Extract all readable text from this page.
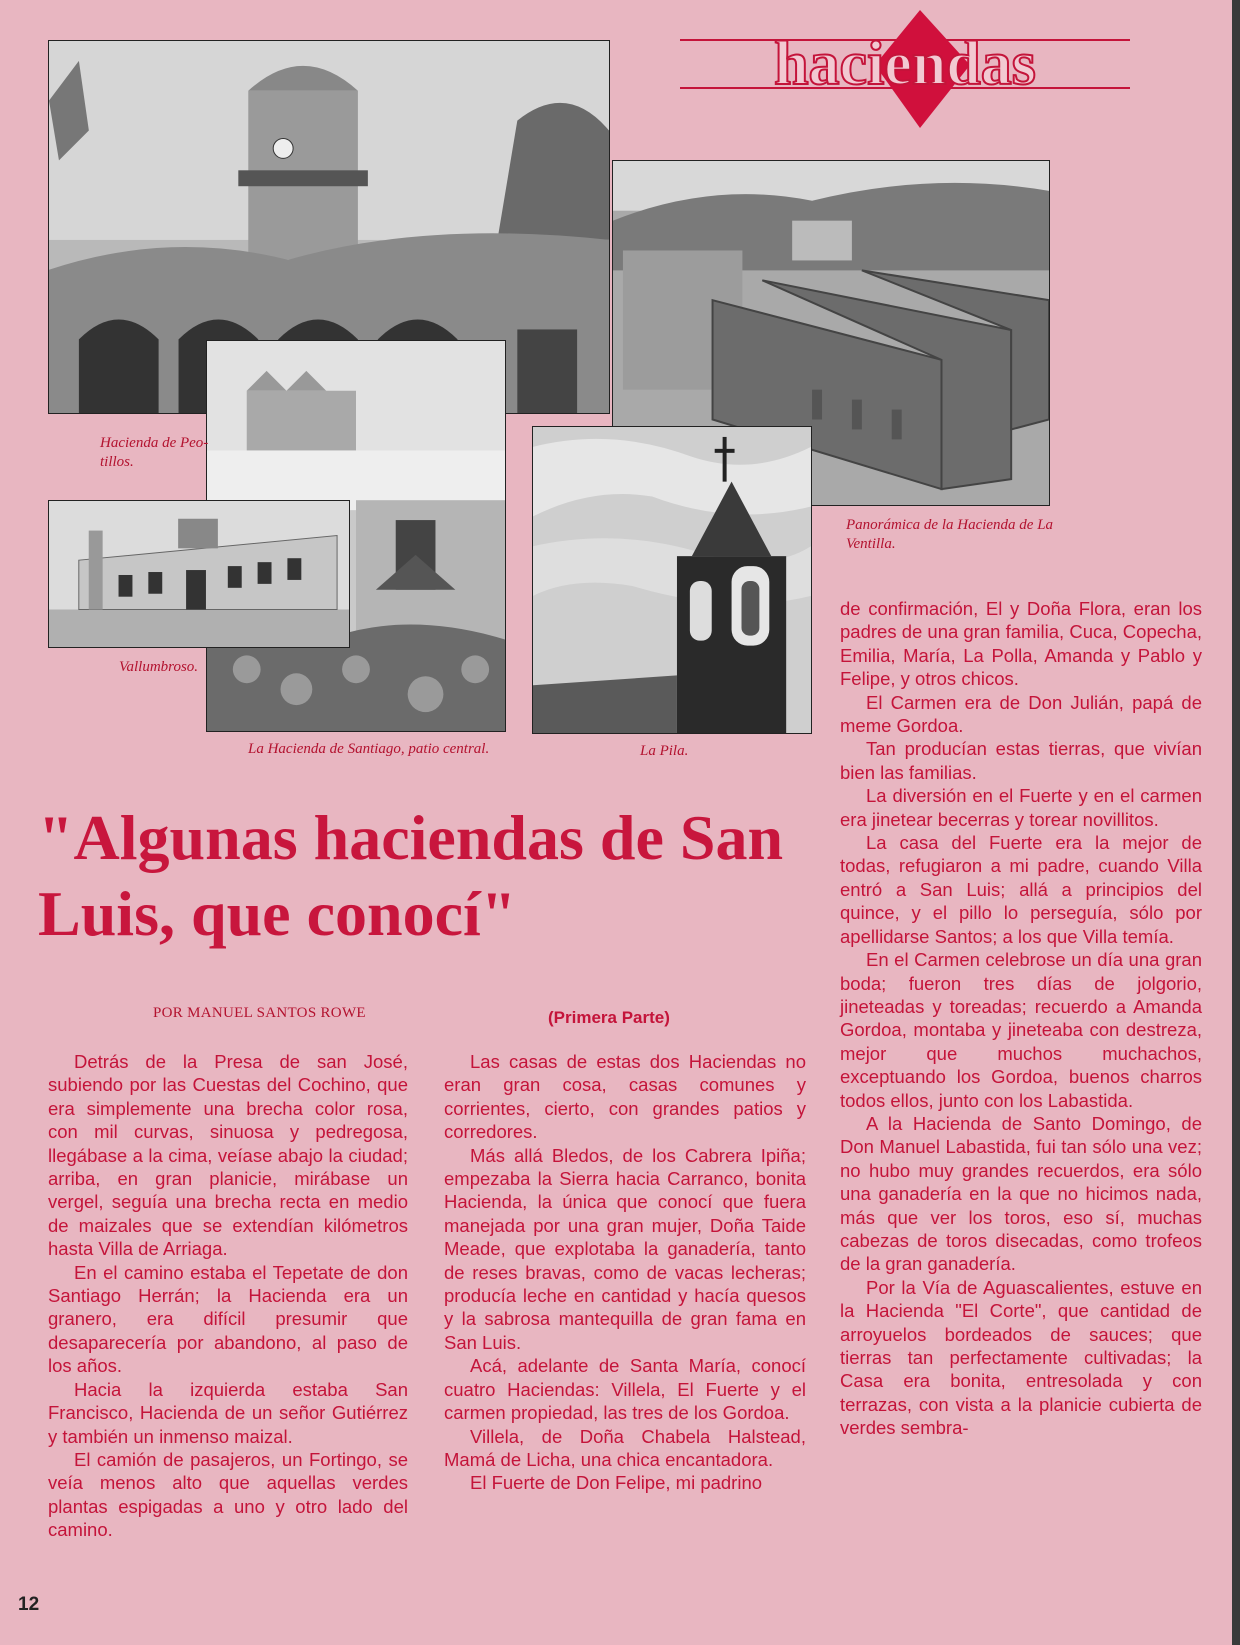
haciendas
Hacienda de Peo-tillos.
Panorámica de la Hacienda de La Ventilla.
Vallumbroso.
La Hacienda de Santiago, patio central.	La Pila.
"Algunas haciendas de San Luis, que conocí"
POR MANUEL SANTOS ROWE	(Primera Parte)

Detrás de la Presa de san José, subiendo por las Cuestas del Cochino, que era simplemente una brecha color rosa, con mil curvas, sinuosa y pedregosa, llegábase a la cima, veíase abajo la ciudad; arriba, en gran planicie, mirábase un vergel, seguía una brecha recta en medio de maizales que se extendían kilómetros hasta Villa de Arriaga.

En el camino estaba el Tepetate de don Santiago Herrán; la Hacienda era un granero, era difícil presumir que desaparecería por abandono, al paso de los años.

Hacia la izquierda estaba San Francisco, Hacienda de un señor Gutiérrez y también un inmenso maizal.

El camión de pasajeros, un Fortingo, se veía menos alto que aquellas verdes plantas espigadas a uno y otro lado del camino.

Las casas de estas dos Haciendas no eran gran cosa, casas comunes y corrientes, cierto, con grandes patios y corredores.

Más allá Bledos, de los Cabrera Ipiña; empezaba la Sierra hacia Carranco, bonita Hacienda, la única que conocí que fuera manejada por una gran mujer, Doña Taide Meade, que explotaba la ganadería, tanto de reses bravas, como de vacas lecheras; producía leche en cantidad y hacía quesos y la sabrosa mantequilla de gran fama en San Luis.

Acá, adelante de Santa María, conocí cuatro Haciendas: Villela, El Fuerte y el carmen propiedad, las tres de los Gordoa.

Villela, de Doña Chabela Halstead, Mamá de Licha, una chica encantadora.

El Fuerte de Don Felipe, mi padrino

de confirmación, El y Doña Flora, eran los padres de una gran familia, Cuca, Copecha, Emilia, María, La Polla, Amanda y Pablo y Felipe, y otros chicos.

El Carmen era de Don Julián, papá de meme Gordoa.

Tan producían estas tierras, que vivían bien las familias.

La diversión en el Fuerte y en el carmen era jinetear becerras y torear novillitos.

La casa del Fuerte era la mejor de todas, refugiaron a mi padre, cuando Villa entró a San Luis; allá a principios del quince, y el pillo lo perseguía, sólo por apellidarse Santos; a los que Villa temía.

En el Carmen celebrose un día una gran boda; fueron tres días de jolgorio, jineteadas y toreadas; recuerdo a Amanda Gordoa, montaba y jineteaba con destreza, mejor que muchos muchachos, exceptuando los Gordoa, buenos charros todos ellos, junto con los Labastida.

A la Hacienda de Santo Domingo, de Don Manuel Labastida, fui tan sólo una vez; no hubo muy grandes recuerdos, era sólo una ganadería en la que no hicimos nada, más que ver los toros, eso sí, muchas cabezas de toros disecadas, como trofeos de la gran ganadería.

Por la Vía de Aguascalientes, estuve en la Hacienda "El Corte", que cantidad de arroyuelos bordeados de sauces; que tierras tan perfectamente cultivadas; la Casa era bonita, entresolada y con terrazas, con vista a la planicie cubierta de verdes sembra-

12
